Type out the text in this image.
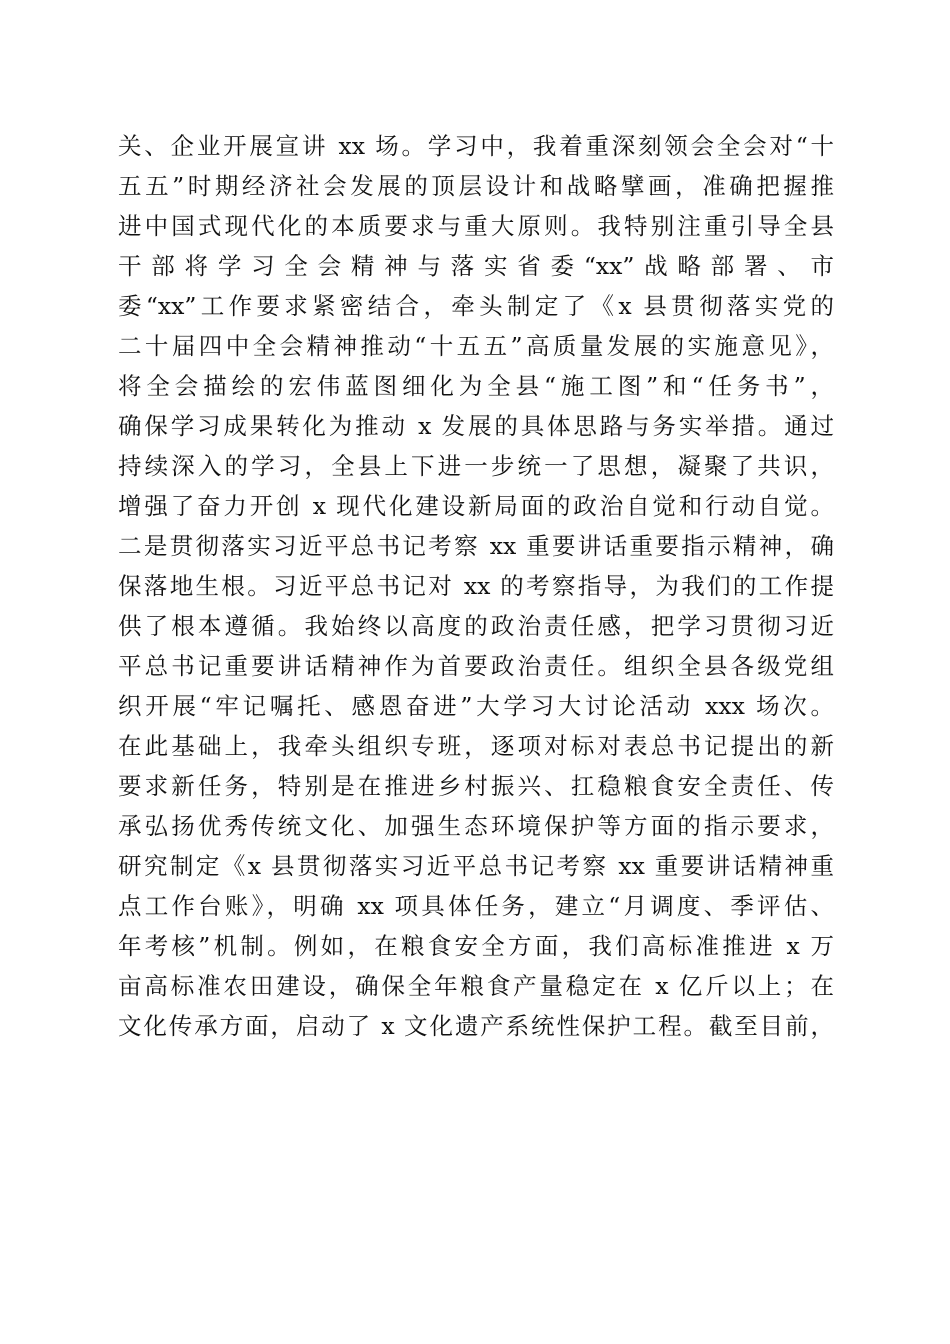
关、企业开展宣讲 xx 场。学习中，我着重深刻领会全会对“十
五五”时期经济社会发展的顶层设计和战略擘画，准确把握推
进中国式现代化的本质要求与重大原则。我特别注重引导全县
干部将学习全会精神与落实省委“xx”战略部署、市
委“xx”工作要求紧密结合，牵头制定了《x 县贯彻落实党的
二十届四中全会精神推动“十五五”高质量发展的实施意见》，
将全会描绘的宏伟蓝图细化为全县“施工图”和“任务书”，
确保学习成果转化为推动 x 发展的具体思路与务实举措。通过
持续深入的学习，全县上下进一步统一了思想，凝聚了共识，
增强了奋力开创 x 现代化建设新局面的政治自觉和行动自觉。
二是贯彻落实习近平总书记考察 xx 重要讲话重要指示精神，确
保落地生根。习近平总书记对 xx 的考察指导，为我们的工作提
供了根本遵循。我始终以高度的政治责任感，把学习贯彻习近
平总书记重要讲话精神作为首要政治责任。组织全县各级党组
织开展“牢记嘱托、感恩奋进”大学习大讨论活动 xxx 场次。
在此基础上，我牵头组织专班，逐项对标对表总书记提出的新
要求新任务，特别是在推进乡村振兴、扛稳粮食安全责任、传
承弘扬优秀传统文化、加强生态环境保护等方面的指示要求，
研究制定《x 县贯彻落实习近平总书记考察 xx 重要讲话精神重
点工作台账》，明确 xx 项具体任务，建立“月调度、季评估、
年考核”机制。例如，在粮食安全方面，我们高标准推进 x 万
亩高标准农田建设，确保全年粮食产量稳定在 x 亿斤以上；在
文化传承方面，启动了 x 文化遗产系统性保护工程。截至目前，
